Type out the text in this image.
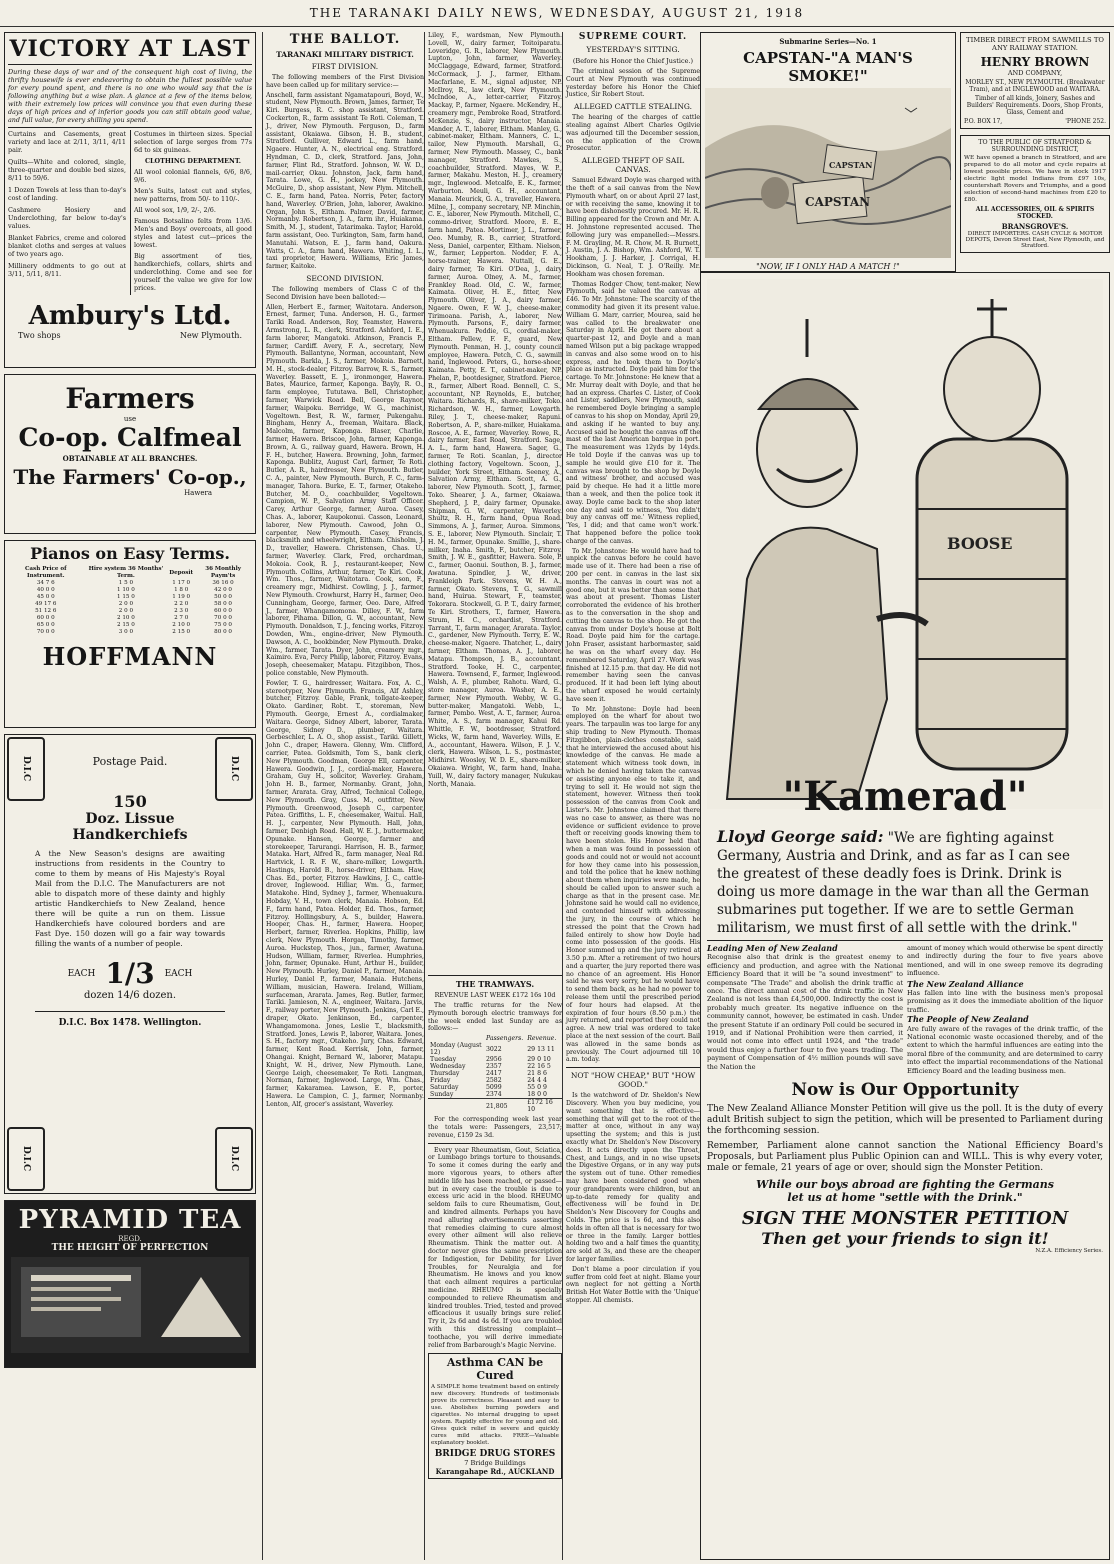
THE TARANAKI DAILY NEWS, WEDNESDAY, AUGUST 21, 1918
VICTORY AT LAST

During these days of war and of the consequent high cost of living, the thrifty housewife is ever endeavoring to obtain the fullest possible value for every pound spent, and there is no one who would say that the is following anything but a wise plan. A glance at a few of the items below, with their extremely low prices will convince you that even during these days of high prices and of inferior goods you can still obtain good value, and full value, for every shilling you spend.

Curtains and Casements, great variety and lace at 2/11, 3/11, 4/11 pair.

Quilts—White and colored, single, three-quarter and double bed sizes, 8/11 to 59/6.

1 Dozen Towels at less than to-day's cost of landing.

Cashmere Hosiery and Underclothing, far below to-day's values.

Blanket Fabrics, creme and colored blanket cloths and serges at values of two years ago.

Millinery oddments to go out at 3/11, 5/11, 8/11.

Costumes in thirteen sizes. Special selection of large serges from 77s 6d to six guineas.

CLOTHING DEPARTMENT.

All wool colonial flannels, 6/6, 8/6, 9/6.

Men's Suits, latest cut and styles, new patterns, from 50/- to 110/-.

All wool sox, 1/9, 2/-, 2/6.

Famous Botsalino felts from 13/6. Men's and Boys' overcoats, all good styles and latest cut—prices the lowest.

Big assortment of ties, handkerchiefs, collars, shirts and underclothing. Come and see for yourself the value we give for low prices.

Ambury's Ltd.
Two shops	New Plymouth.
Farmers
use
Co-op. Calfmeal
OBTAINABLE AT ALL BRANCHES.
The Farmers' Co-op.,
Hawera
Pianos on Easy Terms.
Cash Price of Instrument.	Hire system 36 Months' Term.	Deposit	36 Monthly Paym'ts
34 7 6	1 5 0	1 17 0	36 16 0
40 0 0	1 10 0	1 8 0	42 0 0
45 0 0	1 15 0	1 19 0	50 0 0
49 17 6	2 0 0	2 2 0	58 0 0
51 12 6	2 0 0	2 3 0	60 0 0
60 0 0	2 10 0	2 7 0	70 0 0
65 0 0	2 15 0	2 10 0	75 0 0
70 0 0	3 0 0	2 15 0	80 0 0
HOFFMANN
D.I.C	D.I.C
D.I.C	D.I.C
Postage Paid.
150
Doz. Lissue
Handkerchiefs

A the New Season's designs are awaiting instructions from residents in the Country to come to them by means of His Majesty's Royal Mail from the D.I.C. The Manufacturers are not able to dispatch more of these dainty and highly artistic Handkerchiefs to New Zealand, hence there will be quite a run on them. Lissue Handkerchiefs have coloured borders and are Fast Dye. 150 dozen will go a fair way towards filling the wants of a number of people.

EACH 1/3 EACH
dozen 14/6 dozen.
D.I.C. Box 1478. Wellington.
PYRAMID TEA
REGD.
THE HEIGHT OF PERFECTION
THE BALLOT.
TARANAKI MILITARY DISTRICT.
FIRST DIVISION.

The following members of the First Division have been called up for military service:—

Anschell, farm assistant Ngamatapouri, Boyd, W., student, New Plymouth. Brown, James, farmer, Te Kiri. Burgess, R. C. shop assistant, Stratford. Cockerton, R., farm assistant Te Roti. Coleman, T. J., driver, New Plymouth. Ferguson, D., farm assistant, Okaiawa. Gibson, H. B., student, Stratford. Gulliver, Edward L., farm hand, Ngaere. Hunter, A. N., electrical eng. Stratford. Hyndman, C. D., clerk, Stratford. Jans, John, farmer, Flint Rd., Stratford. Johnson, W. W. D., mail-carrier, Okau. Johnston, Jack, farm hand, Tarata. Lowe, G. H., jockey, New Plymouth. McGuire, D., shop assistant, New Plym. Mitchell, C. E., farm hand, Patea. Norris, Peter, factory hand, Waverley. O'Brien, John, laborer, Awakino. Organ, John S., Eltham. Palmer, David, farmer, Normanby. Robertson, J. A., farm ihr., Huiakama. Smith, M. J., student, Tatarimaka. Taylor, Harold, farm assistant, Oeo. Turkington, Sam, farm hand, Manutahi. Watson, E. J., farm hand, Oakura. Watts, C. A., farm hand, Hawera. Whiting, I. L., taxi proprietor, Hawera. Williams, Eric James, farmer, Kaitoke.

SECOND DIVISION.

The following members of Class C of the Second Division have been balloted:—

Allen, Herbert E., farmer, Waitotara. Anderson, Ernest, farmer, Tuna. Anderson, H. G., farmer Tariki Road. Anderson, Roy, Teamster, Hawera. Armstrong, L. R., clerk, Stratford. Ashford, I. E., farm laborer, Mangatoki. Atkinson, Francis P., farmer, Cardiff. Avery, F. A., secretary, New Plymouth. Ballantyne, Norman, accountant, New Plymouth. Barkla, J. S., farmer, Mokoia. Barnett, M. H., stock-dealer, Fitzroy. Barrow, R. S., farmer, Waverley. Bassett, E. J., ironmonger, Hawera. Bates, Maurice, farmer, Kaponga. Bayly, R. O., farm employee, Tututawa. Bell, Christopher, farmer, Warwick Road. Bell, George Raynor, farmer, Waipoku. Berridge, W. G., machinist, Vogeltown. Best, R. W., farmer, Pukengahu. Bingham, Henry A., freeman, Waitara. Black, Malcolm, farmer, Kaponga. Blaser, Charlie, farmer, Hawera. Briscoe, John, farmer, Kaponga. Brown, A. G., railway guard, Hawera. Brown, H. F. H., butcher, Hawera. Browning, John, farmer, Kaponga. Bublitz, August Carl, farmer, Te Roti. Butler, A. R., hairdresser, New Plymouth. Butler, C. A., painter, New Plymouth. Burch, F. C., farm-manager, Tahora. Burke, E. T., farmer, Otakeho. Butcher, M. O., coachbuilder, Vogeltown. Campion, W. P., Salvation Army Staff Officer. Carey, Arthur George, farmer, Auroa. Casey, Chas. A., laborer, Kaupokonui. Casson, Leonard, laborer, New Plymouth. Cawood, John O., carpenter, New Plymouth. Casey, Francis, blacksmith and wheelwright, Eltham. Chisholm, J. D., traveller, Hawera. Christensen, Chas. U., farmer, Waverley. Clark, Fred, orchardman, Mokoia. Cook, R. J., restaurant-keeper, New Plymouth. Collins, Arthur, farmer, Te Kiri. Cook, Wm. Thos., farmer, Waitotara. Cook, son, F., creamery mgr., Midhirst. Cowling, J. J., farmer, New Plymouth. Crowhurst, Harry H., farmer, Oeo. Cunningham, George, farmer, Oeo. Dare, Alfred J., farmer, Whangamomona. Dilley, F. W., farm laborer, Pihama. Dillon, G. W., accountant, New Plymouth. Donaldson, T. J., fencing works, Fitzroy. Dowden, Wm., engine-driver, New Plymouth. Dawson, A. C., bookbinder, New Plymouth. Drake, Wm., farmer, Tarata. Dyer, John, creamery mgr., Kaimiro. Eva, Percy Philip, laborer, Fitzroy. Evans, Joseph, cheesemaker, Matapu. Fitzgibbon, Thos., police constable, New Plymouth.

Fowler, T. G., hairdresser, Waitara. Fox, A. C., stereotyper, New Plymouth. Francis, Alf Ashley, butcher, Fitzroy. Gable, Frank, tollgate-keeper, Okato. Gardiner, Robt. T., storeman, New Plymouth. George, Ernest A., cordialmaker, Waitara. George, Sidney Albert, laborer, Tarata. George, Sidney D., plumber, Waitara. Gerbeschler, L. A. O., shop assist., Tariki. Gillett, John C., draper, Hawera. Glenny, Wm. Clifford, carrier, Patea. Goldsmith, Tom S., bank clerk, New Plymouth. Goodman, George Ell, carpenter, Hawera. Goodwin, J. J., cordial-maker, Hawera. Graham, Guy H., solicitor, Waverley. Graham, John H. B., farmer, Normanby. Grant, John, farmer, Ararata. Gray, Alfred, Technical College, New Plymouth. Gray, Cuss. M., outfitter, New Plymouth. Greenwood, Joseph C., carpenter, Patea. Griffiths, L. F., cheesemaker, Waitui. Hall, H. J., carpenter, New Plymouth. Hall, John, farmer, Denbigh Road. Hall, W. E. J., buttermaker, Opunake. Hansen, George, farmer and storekeeper, Tarurangi. Harrison, H. B., farmer, Mataka. Hart, Alfred R., farm manager, Neal Rd. Hartvick, I. R. F. W., share-milker, Lowgarth. Hastings, Harold B., horse-driver, Eltham. Haw, Chas. Ed., porter, Fitzroy. Hawkins, J. C., cattle-drover, Inglewood. Hilliar, Wm. G., farmer, Matakohe. Hind, Sydney J., farmer, Whenuakura. Hobday, V. H., town clerk, Manaia. Hobson, Ed. F., farm hand, Patea. Holder, Ed. Thos., farmer, Fitzroy. Hollingsbury, A. S., builder, Hawera. Hooper, Chas. H., farmer, Hawera. Hooper, Herbert, farmer, Riverlea. Hopkins, Phillip, law clerk, New Plymouth. Horgan, Timothy, farmer, Auroa. Huckstep, Thos., jun., farmer, Awatuna. Hudson, William, farmer, Riverlea. Humphries, John, farmer, Opunake. Hunt, Arthur H., builder, New Plymouth. Hurley, Daniel P., farmer, Manaia. Hurley, Daniel P., farmer, Manaia. Hutchens, William, musician, Hawera. Ireland, William, surfaceman, Ararata. James, Reg. Butler, farmer, Tariki. Jamieson, N. A., engineer, Waitara. Jarvis, F., railway porter, New Plymouth. Jenkins, Carl E., draper, Okato. Jenkinson, Ed., carpenter, Whangamomona. Jones, Leslie T., blacksmith, Stratford. Jones, Lewis P., laborer, Waitara. Jones, S. H., factory mgr., Otakeho. Jury, Chas. Edward, farmer, Kent Road. Kerrisk, John, farmer, Ohangai. Knight, Bernard W., laborer, Matapu. Knight, W. H., driver, New Plymouth. Lane, George Leigh, cheesemaker, Te Roti. Langman, Norman, farmer, Inglewood. Large, Wm. Chas., farmer, Kakaramea. Lawson, E. P., porter, Hawera. Le Campion, C. J., farmer, Normanby. Lenton, Alf, grocer's assistant, Waverley.

Liley, F., wardsman, New Plymouth. Lovell, W., dairy farmer, Toitoiparatu. Loveridge, G. R., laborer, New Plymouth. Lupton, John, farmer, Waverley. McClaggage, Edward, farmer, Stratford. McCormack, J. J., farmer, Eltham. Macfarlane, E. M., signal adjuster, NP. McIlroy, R., law clerk, New Plymouth. McIndoe, A., letter-carrier, Fitzroy. Mackay, P., farmer, Ngaere. McKendry, H., creamery mgr., Pembroke Road, Stratford. McKenzie, S., dairy instructor, Manaia. Mander, A. T., laborer, Eltham. Manley, G., cabinet-maker, Eltham. Manners, C. L., tailor, New Plymouth. Marshall, G., farmer, New Plymouth. Massey, C., bank manager, Stratford. Mawkes, S., coachbuilder, Stratford. Mayes, W. P., farmer, Makahu. Meston, H. J., creamery mgr., Inglewood. Metcalfe, E. K., farmer, Warburton. Meuli, G. H., accountant, Manaia. Meurick, G. A., traveller, Hawera. Milne, J., company secretary, NP. Minchin, C. E., laborer, New Plymouth. Mitchell, C., commo-driver, Stratford. Moore, E. E., farm hand, Patea. Mortimer, J. L., farmer, Oeo. Mumby, R. B., carrier, Stratford. Ness, Daniel, carpenter, Eltham. Nielson, W., farmer, Lepperton. Nodder, F. A., horse-trainer, Hawera. Nuttall, G. E., dairy farmer, Te Kiri. O'Dea, J., dairy farmer, Auroa. Olney, A. M., farmer, Frankley Road. Old, C. W., farmer, Kaimata. Oliver, H. E., fitter, New Plymouth. Oliver, J. A., dairy farmer, Ngaere. Owen, F. W. J., cheese-maker, Tirimoana. Parish, A., laborer, New Plymouth. Parsons, F., dairy farmer, Whenuakura. Peddie, G., cordial-maker, Eltham. Pellew, F. F., guard, New Plymouth. Penman, H. J., county council employee, Hawera. Petch, C. G., sawmill hand, Inglewood. Peters, G., horse-shoer, Kaimata. Petty, E. T., cabinet-maker, NP. Phelan, P., bootdesigner, Stratford. Pierce, R., farmer, Albert Road. Bennell, C. S., accountant, NP. Reynolds, E., butcher, Waitara. Richards, R., share-milker, Toko. Richardson, W. H., farmer, Lowgarth. Riley, J. T., cheese-maker, Rapuni. Robertson, A. P., share-milker, Huiakama. Roscoe, A. E., farmer, Waverley. Rowe, R., dairy farmer, East Road, Stratford. Sage, A. L., farm hand, Hawera. Sager, G., farmer, Te Roti. Scanlan, J., director clothing factory, Vogeltown. Scoon, J., builder, York Street, Eltham. Seeney, A., Salvation Army, Eltham. Scott, A. G., laborer, New Plymouth. Scott, J., farmer, Toko. Shearer, J. A., farmer, Okaiawa. Shepherd, J. P., dairy farmer, Opunake. Shipman, G. W., carpenter, Waverley. Shultz, R. H., farm hand, Opua Road. Simmons, A. J., farmer, Auroa. Simmons, S. E., laborer, New Plymouth. Sinclair, T. H. M., farmer, Opunake. Smillie, J., share-milker, Inaha. Smith, F., butcher, Fitzroy. Smith, J. W. E., gasfitter, Hawera. Sole, P. C., farmer, Oaonui. Southon, B. J., farmer, Awatuna. Spindler, J. W., driver, Frankleigh Park. Stevens, W. H. A., farmer, Okato. Stevens, T. G., sawmill hand, Huirua. Stewart, F., teamster, Tokorara. Stockwell, G. P. T., dairy farmer, Te Kiri. Strothers, T., farmer, Hawera. Strum, H. C., orchardist, Stratford. Tarrant, T., farm manager, Ararata. Taylor, C., gardener, New Plymouth. Terry, E. W., cheese-maker, Ngaere. Thatcher, L., dairy farmer, Eltham. Thomas, A. J., laborer, Matapu. Thompson, J. B., accountant, Stratford. Tooke, H. C., carpenter, Hawera. Townsend, F., farmer, Inglewood. Walsh, A. F., plumber, Rahotu. Ward, G., store manager, Auroa. Washer, A. E., farmer, New Plymouth. Webby, W. G., butter-maker, Mangatoki. Webb, L., farmer, Pembo. West, A. T., farmer, Auroa. White, A. S., farm manager, Kahui Rd. Whittle, F. W., bootdresser, Stratford. Wicks, W., farm hand, Waverley. Wills, E. A., accountant, Hawera. Wilson, F. J. V., clerk, Hawera. Wilson, L. S., postmaster, Midhirst. Woosley, W. D. E., share-milker, Okaiawa. Wright, W., farm hand, Inaha. Yuill, W., dairy factory manager, Nukukau North, Manaia.

SUPREME COURT.
YESTERDAY'S SITTING.
(Before his Honor the Chief Justice.)

The criminal session of the Supreme Court at New Plymouth was continued yesterday before his Honor the Chief Justice, Sir Robert Stout.

ALLEGED CATTLE STEALING.

The hearing of the charges of cattle stealing against Albert Charles Ogilvie was adjourned till the December session, on the application of the Crown Prosecutor.

ALLEGED THEFT OF SAIL CANVAS.

Samuel Edward Doyle was charged with the theft of a sail canvas from the New Plymouth wharf, on or about April 27 last, or with receiving the same, knowing it to have been dishonestly procured. Mr. H. R. Billing appeared for the Crown and Mr. A. H. Johnstone represented accused. The following jury was empanelled:—Messrs. F. M. Grayling, M. R. Chow, M. R. Burnett, J. Austin, J. A. Bishop, Wm. Ashford, W. T. Hookham, J. J. Harker, J. Corrigal, H. Dickinson, G. Neal, T. J. O'Reilly. Mr. Hookham was chosen foreman.

Thomas Rodger Chow, tent-maker, New Plymouth, said he valued the canvas at £46. To Mr. Johnstone: The scarcity of the commodity had given it its present value. William G. Marr, carrier, Mourea, said he was called to the breakwater one Saturday in April. He got there about a quarter-past 12, and Doyle and a man named Wilson put a big package wrapped in canvas and also some wood on to his express, and he took them to Doyle's place as instructed. Doyle paid him for the cartage. To Mr. Johnstone: He knew that a Mr. Murray dealt with Doyle, and that he had an express. Charles C. Lister, of Cook and Lister, saddlers, New Plymouth, said he remembered Doyle bringing a sample of canvas to his shop on Monday, April 29, and asking if he wanted to buy any. Accused said he bought the canvas off the mast of the last American barque in port. The measurement was 12yds by 14yds. He told Doyle if the canvas was up to sample he would give £10 for it. The canvas was brought to the shop by Doyle and witness' brother, and accused was paid by cheque. He had it a little more than a week, and then the police took it away. Doyle came back to the shop later one day and said to witness, 'You didn't buy any canvas off me.' Witness replied, 'Yes, I did; and that came won't work.' That happened before the police took charge of the canvas.

To Mr. Johnstone: He would have had to unpick the canvas before he could have made use of it. There had been a rise of 200 per cent. in canvas in the last six months. The canvas in court was not a good one, but it was better than some that was about at present. Thomas Lister corroborated the evidence of his brother as to the conversation in the shop and cutting the canvas to the shop. He got the canvas from under Doyle's house at Bolt Road. Doyle paid him for the cartage. John Fraser, assistant harbormaster, said he was on the wharf every day. He remembered Saturday, April 27. Work was finished at 12.15 p.m. that day. He did not remember having seen the canvas produced. If it had been left lying about the wharf exposed he would certainly have seen it.

To Mr. Johnstone: Doyle had been employed on the wharf for about two years. The tarpaulin was too large for any ship trading to New Plymouth. Thomas Fitzgibbon, plain-clothes constable, said that he interviewed the accused about his knowledge of the canvas. He made a statement which witness took down, in which he denied having taken the canvas or assisting anyone else to take it, and trying to sell it. He would not sign the statement, however. Witness then took possession of the canvas from Cook and Lister's. Mr. Johnstone claimed that there was no case to answer, as there was no evidence or sufficient evidence to prove theft or receiving goods knowing them to have been stolen. His Honor held that when a man was found in possession of goods and could not or would not account for how they came into his possession, and told the police that he knew nothing about them when inquiries were made, he should be called upon to answer such a charge as that in the present case. Mr. Johnstone said he would call no evidence, and contended himself with addressing the jury, in the course of which he stressed the point that the Crown had failed entirely to show how Doyle had come into possession of the goods. His Honor summed up and the jury retired at 3.50 p.m. After a retirement of two hours and a quarter, the jury reported there was no chance of an agreement. His Honor said he was very sorry, but he would have to send them back, as he had no power to release them until the prescribed period of four hours had elapsed. At the expiration of four hours (8.50 p.m.) the jury returned, and reported they could not agree. A new trial was ordered to take place at the next session of the court. Bail was allowed in the same bonds as previously. The Court adjourned till 10 a.m. today.

NOT "HOW CHEAP," BUT "HOW GOOD."

Is the watchword of Dr. Sheldon's New Discovery. When you buy medicine, you want something that is effective—something that will get to the root of the matter at once, without in any way upsetting the system; and this is just exactly what Dr. Sheldon's New Discovery does. It acts directly upon the Throat, Chest, and Lungs, and in no wise upsets the Digestive Organs, or in any way puts the system out of tune. Other remedies may have been considered good when your grandparents were children, but an up-to-date remedy for quality and effectiveness will be found in Dr. Sheldon's New Discovery for Coughs and Colds. The price is 1s 6d, and this also holds in often all that is necessary for two or three in the family. Larger bottles holding two and a half times the quantity, are sold at 3s, and these are the cheaper for larger families.

Don't blame a poor circulation if you suffer from cold feet at night. Blame your own neglect for not getting a North British Hot Water Bottle with the 'Unique' stopper. All chemists.

THE TRAMWAYS.
REVENUE LAST WEEK £172 16s 10d

The traffic returns for the New Plymouth borough electric tramways for the week ended last Sunday are as follows:—

	Passengers.	Revenue.
Monday (August 12)	3022	29 13 11
Tuesday	2956	29 0 10
Wednesday	2357	22 16 5
Thursday	2417	21 8 6
Friday	2582	24 4 4
Saturday	5099	55 0 9
Sunday	2374	18 0 0
	21,805	£172 16 10

For the corresponding week last year the totals were: Passengers, 23,517; revenue, £159 2s 3d.

Every year Rheumatism, Gout, Sciatica, or Lumbago brings torture to thousands. To some it comes during the early and more vigorous years, to others after middle life has been reached, or passed—but in every case the trouble is due to excess uric acid in the blood. RHEUMO seldom fails to cure Rheumatism, Gout, and kindred ailments. Perhaps you have read alluring advertisements asserting that remedies claiming to cure almost every other ailment will also relieve Rheumatism. Think the matter out. A doctor never gives the same prescription for Indigestion, for Debility, for Liver Troubles, for Neuralgia and for Rheumatism. He knows and you know that each ailment requires a particular medicine. RHEUMO is specially compounded to relieve Rheumatism and kindred troubles. Tried, tested and proved efficacious it usually brings sure relief. Try it, 2s 6d and 4s 6d. If you are troubled with this distressing complaint—toothache, you will derive immediate relief from Barbarough's Magic Nervine.

Asthma CAN be Cured

A SIMPLE home treatment based on entirely new discovery. Hundreds of testimonials prove its correctness. Pleasant and easy to use. Abolishes burning powders and cigarettes. No internal drugging to upset system. Rapidly effective for young and old. Gives quick relief in severe and quickly cures mild attacks. FREE—Valuable explanatory booklet.

BRIDGE DRUG STORES
7 Bridge Buildings
Karangahape Rd., AUCKLAND
Submarine Series—No. 1
CAPSTAN-"A MAN'S SMOKE!"
CAPSTAN
CAPSTAN
"NOW, IF I ONLY HAD A MATCH !"
TIMBER DIRECT FROM SAWMILLS TO ANY RAILWAY STATION.
HENRY BROWN
AND COMPANY,
MORLEY ST., NEW PLYMOUTH. (Breakwater Tram), and at INGLEWOOD and WAITARA.
Timber of all kinds, Joinery, Sashes and Builders' Requirements. Doors, Shop Fronts, Glass, Cement and
P.O. BOX 17,	'PHONE 252.
TO THE PUBLIC OF STRATFORD & SURROUNDING DISTRICT,

WE have opened a branch in Stratford, and are prepared to do all motor and cycle repairs at lowest possible prices. We have in stock 1917 electric light model Indians from £97 10s, countershaft Rovers and Triumphs, and a good selection of second-hand machines from £20 to £80.

ALL ACCESSORIES, OIL & SPIRITS STOCKED.
BRANSGROVE'S.
DIRECT IMPORTERS. CASH CYCLE & MOTOR DEPOTS, Devon Street East, New Plymouth, and Stratford.
BOOSE
"Kamerad"
Lloyd George said: "We are fighting against Germany, Austria and Drink, and as far as I can see the greatest of these deadly foes is Drink. Drink is doing us more damage in the war than all the German submarines put together. If we are to settle German militarism, we must first of all settle with the drink."
Leading Men of New Zealand

Recognise also that drink is the greatest enemy to efficiency and production, and agree with the National Efficiency Board that it will be "a sound investment" to compensate "The Trade" and abolish the drink traffic at once. The direct annual cost of the drink traffic in New Zealand is not less than £4,500,000. Indirectly the cost is probably much greater. Its negative influence on the community cannot, however, be estimated in cash. Under the present Statute if an ordinary Poll could be secured in 1919, and if National Prohibition were then carried, it would not come into effect until 1924, and "the trade" would thus enjoy a further four to five years trading. The payment of Compensation of 4½ million pounds will save the Nation the

amount of money which would otherwise be spent directly and indirectly during the four to five years above mentioned, and will in one sweep remove its degrading influence.

The New Zealand Alliance

Has fallen into line with the business men's proposal promising as it does the immediate abolition of the liquor traffic.

The People of New Zealand

Are fully aware of the ravages of the drink traffic, of the National economic waste occasioned thereby, and of the extent to which the harmful influences are eating into the moral fibre of the community, and are determined to carry into effect the impartial recommendations of the National Efficiency Board and the leading business men.

Now is Our Opportunity

The New Zealand Alliance Monster Petition will give us the poll. It is the duty of every adult British subject to sign the petition, which will be presented to Parliament during the forthcoming session.

Remember, Parliament alone cannot sanction the National Efficiency Board's Proposals, but Parliament plus Public Opinion can and WILL. This is why every voter, male or female, 21 years of age or over, should sign the Monster Petition.

While our boys abroad are fighting the Germans
let us at home "settle with the Drink."
SIGN THE MONSTER PETITION
Then get your friends to sign it!
N.Z.A. Efficiency Series.
